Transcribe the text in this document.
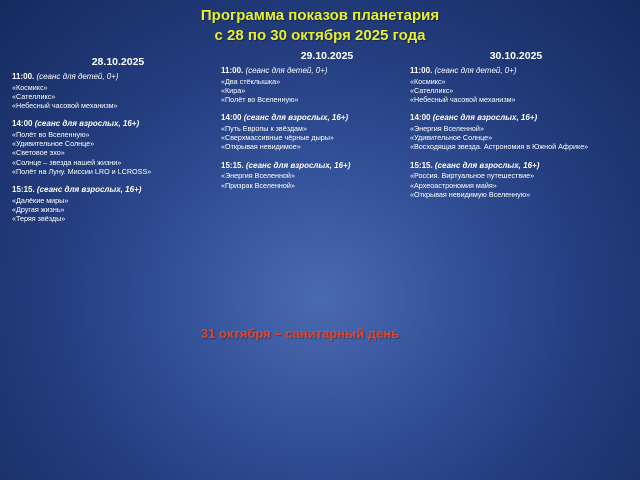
Программа показов планетария
с 28 по 30 октября 2025 года
28.10.2025
11:00. (сеанс для детей, 0+)
«Космикс»
«Сателликс»
«Небесный часовой механизм»
14:00 (сеанс для взрослых, 16+)
«Полёт во Вселенную»
«Удивительное Солнце»
«Световое эхо»
«Солнце – звезда нашей жизни»
«Полёт на Луну. Миссии LRO и LCROSS»
15:15. (сеанс для взрослых, 16+)
«Далёкие миры»
«Другая жизнь»
«Теряя звёзды»
29.10.2025
11:00. (сеанс для детей, 0+)
«Два стёклышка»
«Кира»
«Полёт во Вселенную»
14:00 (сеанс для взрослых, 16+)
«Путь Европы к звёздам»
«Сверхмассивные чёрные дыры»
«Открывая невидимое»
15:15. (сеанс для взрослых, 16+)
«Энергия Вселенной»
«Призрак Вселенной»
30.10.2025
11:00. (сеанс для детей, 0+)
«Космикс»
«Сателликс»
«Небесный часовой механизм»
14:00 (сеанс для взрослых, 16+)
«Энергия Вселенной»
«Удивительное Солнце»
«Восходящая звезда. Астрономия в Южной Африке»
15:15. (сеанс для взрослых, 16+)
«Россия. Виртуальное путешествие»
«Археоастрономия майя»
«Открывая невидимую Вселенную»
31 октября – санитарный день
